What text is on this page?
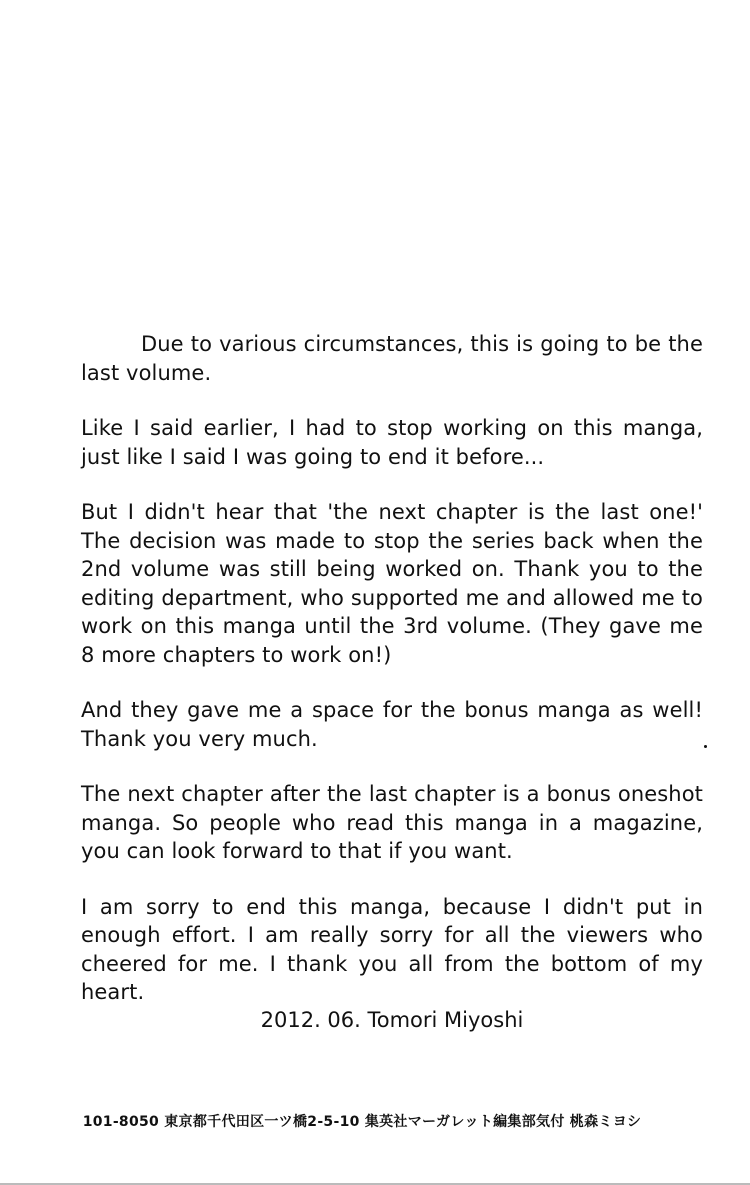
Due to various circumstances, this is going to be the last volume.

Like I said earlier, I had to stop working on this manga, just like I said I was going to end it before...

But I didn't hear that 'the next chapter is the last one!' The decision was made to stop the series back when the 2nd volume was still being worked on. Thank you to the editing department, who supported me and allowed me to work on this manga until the 3rd volume. (They gave me 8 more chapters to work on!)

And they gave me a space for the bonus manga as well! Thank you very much.

The next chapter after the last chapter is a bonus oneshot manga. So people who read this manga in a magazine, you can look forward to that if you want.

I am sorry to end this manga, because I didn't put in enough effort. I am really sorry for all the viewers who cheered for me. I thank you all from the bottom of my heart.

2012. 06. Tomori Miyoshi
101-8050 東京都千代田区一ツ橋2-5-10 集英社マーガレット編集部気付 桃森ミヨシ
